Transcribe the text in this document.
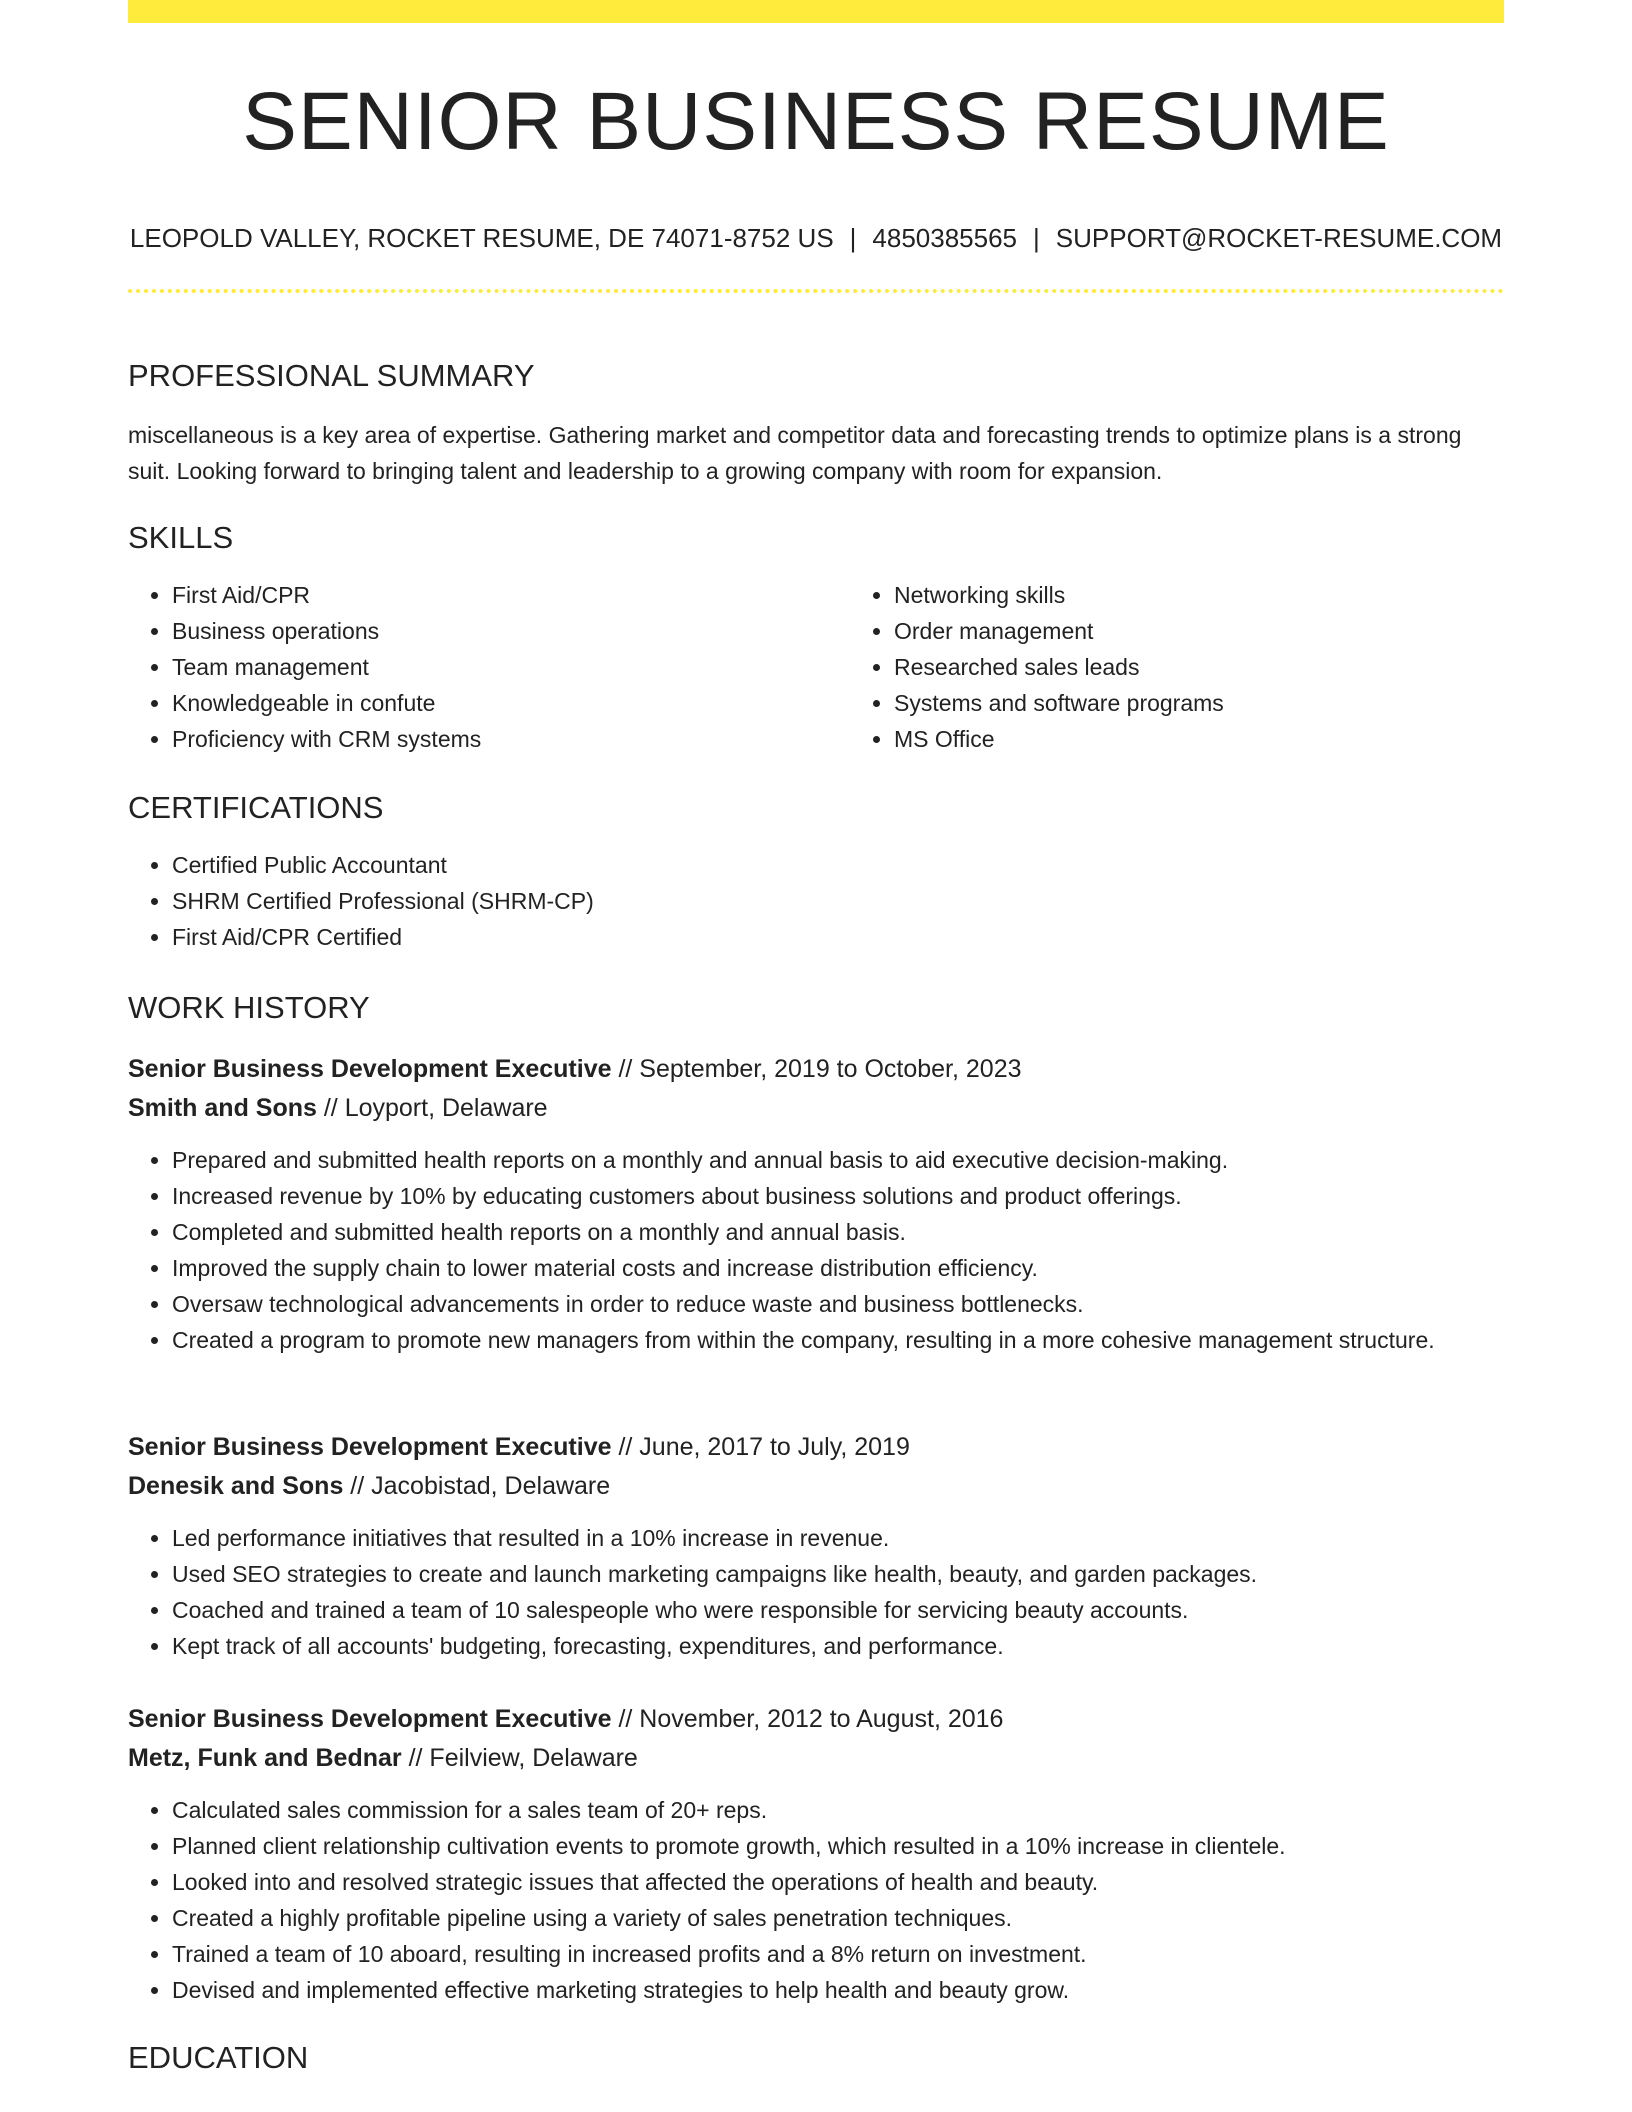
SENIOR BUSINESS RESUME
LEOPOLD VALLEY, ROCKET RESUME, DE 74071-8752 US | 4850385565 | SUPPORT@ROCKET-RESUME.COM
PROFESSIONAL SUMMARY

miscellaneous is a key area of expertise. Gathering market and competitor data and forecasting trends to optimize plans is a strong suit. Looking forward to bringing talent and leadership to a growing company with room for expansion.

SKILLS
• First Aid/CPR
• Business operations
• Team management
• Knowledgeable in confute
• Proficiency with CRM systems
• Networking skills
• Order management
• Researched sales leads
• Systems and software programs
• MS Office
CERTIFICATIONS
• Certified Public Accountant
• SHRM Certified Professional (SHRM-CP)
• First Aid/CPR Certified
WORK HISTORY

Senior Business Development Executive // September, 2019 to October, 2023

Smith and Sons // Loyport, Delaware

• Prepared and submitted health reports on a monthly and annual basis to aid executive decision-making.
• Increased revenue by 10% by educating customers about business solutions and product offerings.
• Completed and submitted health reports on a monthly and annual basis.
• Improved the supply chain to lower material costs and increase distribution efficiency.
• Oversaw technological advancements in order to reduce waste and business bottlenecks.
• Created a program to promote new managers from within the company, resulting in a more cohesive management structure.

Senior Business Development Executive // June, 2017 to July, 2019

Denesik and Sons // Jacobistad, Delaware

• Led performance initiatives that resulted in a 10% increase in revenue.
• Used SEO strategies to create and launch marketing campaigns like health, beauty, and garden packages.
• Coached and trained a team of 10 salespeople who were responsible for servicing beauty accounts.
• Kept track of all accounts' budgeting, forecasting, expenditures, and performance.

Senior Business Development Executive // November, 2012 to August, 2016

Metz, Funk and Bednar // Feilview, Delaware

• Calculated sales commission for a sales team of 20+ reps.
• Planned client relationship cultivation events to promote growth, which resulted in a 10% increase in clientele.
• Looked into and resolved strategic issues that affected the operations of health and beauty.
• Created a highly profitable pipeline using a variety of sales penetration techniques.
• Trained a team of 10 aboard, resulting in increased profits and a 8% return on investment.
• Devised and implemented effective marketing strategies to help health and beauty grow.
EDUCATION
